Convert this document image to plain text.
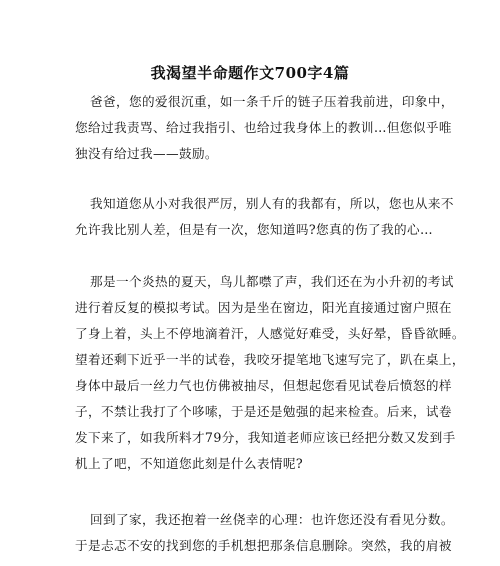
我渴望半命题作文700字4篇
爸爸，您的爱很沉重，如一条千斤的链子压着我前进，印象中，
您给过我责骂、给过我指引、也给过我身体上的教训…但您似乎唯
独没有给过我——鼓励。
我知道您从小对我很严厉，别人有的我都有，所以，您也从来不
允许我比别人差，但是有一次，您知道吗?您真的伤了我的心…
那是一个炎热的夏天，鸟儿都噤了声，我们还在为小升初的考试
进行着反复的模拟考试。因为是坐在窗边，阳光直接通过窗户照在
了身上着，头上不停地滴着汗，人感觉好难受，头好晕，昏昏欲睡。
望着还剩下近乎一半的试卷，我咬牙提笔地飞速写完了，趴在桌上，
身体中最后一丝力气也仿佛被抽尽，但想起您看见试卷后愤怒的样
子，不禁让我打了个哆嗦，于是还是勉强的起来检查。后来，试卷
发下来了，如我所料才79分，我知道老师应该已经把分数又发到手
机上了吧，不知道您此刻是什么表情呢?
回到了家，我还抱着一丝侥幸的心理：也许您还没有看见分数。
于是忐忑不安的找到您的手机想把那条信息删除。突然，我的肩被
